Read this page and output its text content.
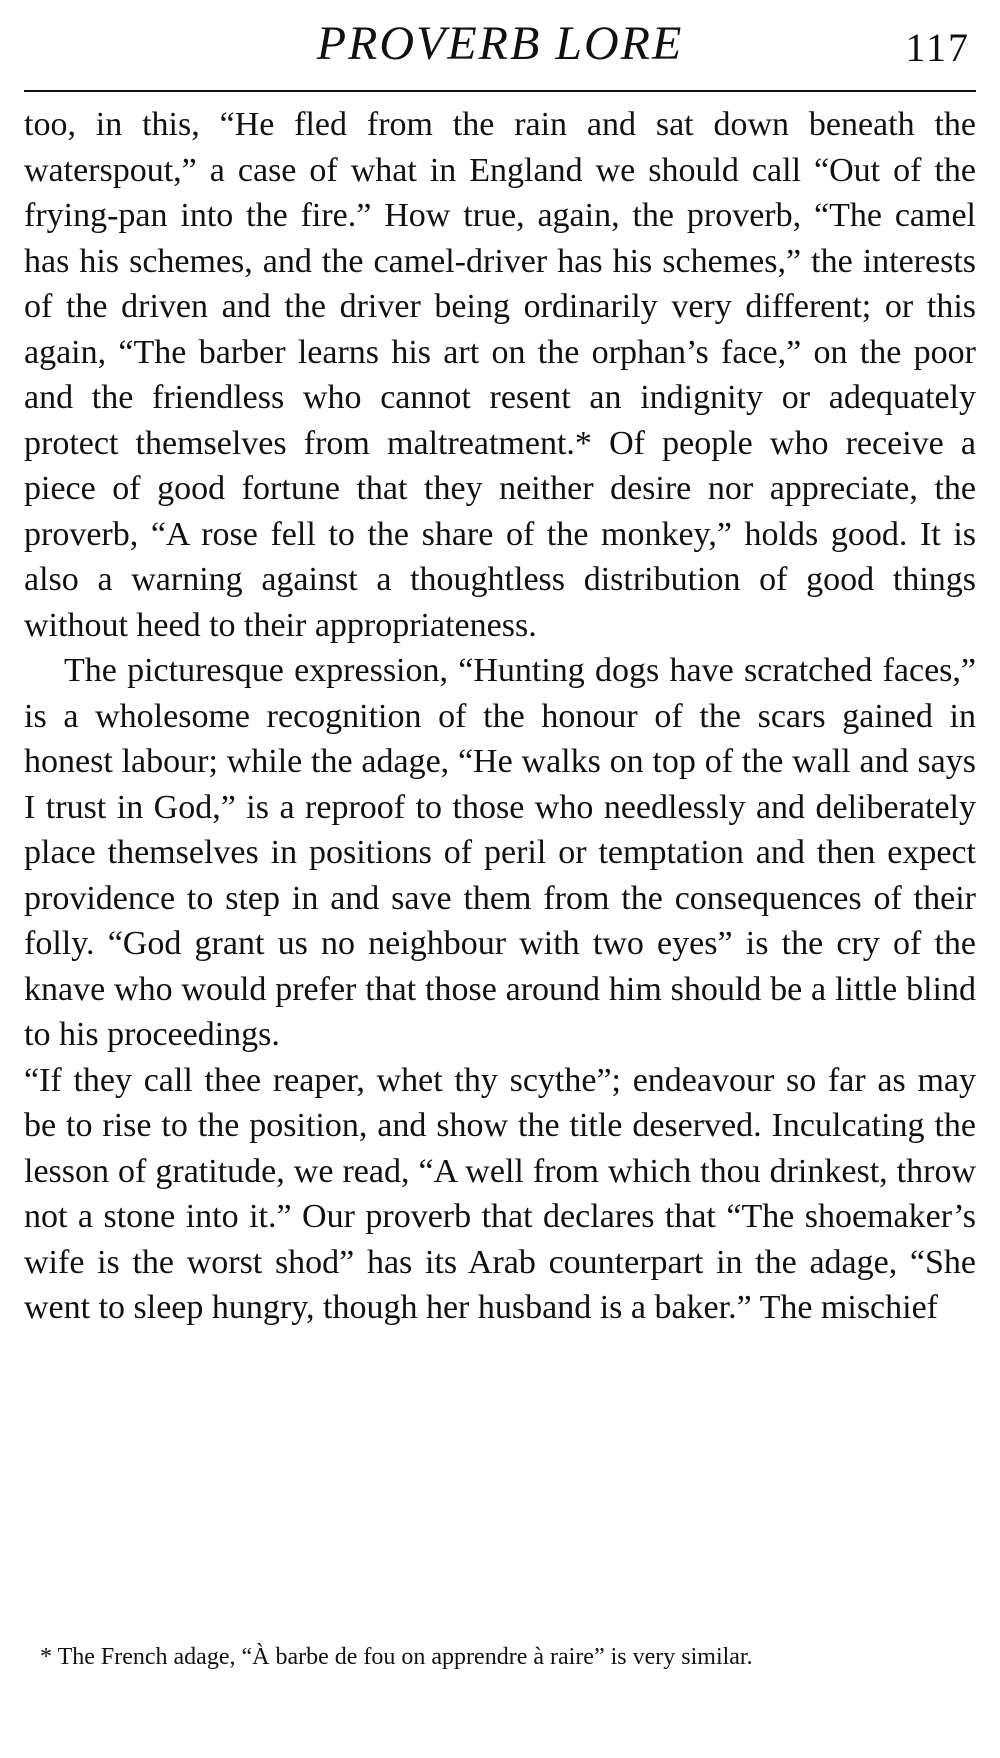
PROVERB LORE	117

too, in this, “He fled from the rain and sat down beneath the waterspout,” a case of what in England we should call “Out of the frying-pan into the fire.” How true, again, the proverb, “The camel has his schemes, and the camel-driver has his schemes,” the interests of the driven and the driver being ordinarily very different; or this again, “The barber learns his art on the orphan’s face,” on the poor and the friendless who cannot resent an indignity or adequately protect themselves from maltreatment.* Of people who receive a piece of good fortune that they neither desire nor appreciate, the proverb, “A rose fell to the share of the monkey,” holds good. It is also a warning against a thoughtless distribution of good things without heed to their appropriateness.

The picturesque expression, “Hunting dogs have scratched faces,” is a wholesome recognition of the honour of the scars gained in honest labour; while the adage, “He walks on top of the wall and says I trust in God,” is a reproof to those who needlessly and deliberately place themselves in positions of peril or temptation and then expect providence to step in and save them from the consequences of their folly. “God grant us no neighbour with two eyes” is the cry of the knave who would prefer that those around him should be a little blind to his proceedings.

“If they call thee reaper, whet thy scythe”; endeavour so far as may be to rise to the position, and show the title deserved. Inculcating the lesson of gratitude, we read, “A well from which thou drinkest, throw not a stone into it.” Our proverb that declares that “The shoemaker’s wife is the worst shod” has its Arab counterpart in the adage, “She went to sleep hungry, though her husband is a baker.” The mischief

* The French adage, “À barbe de fou on apprendre à raire” is very similar.
